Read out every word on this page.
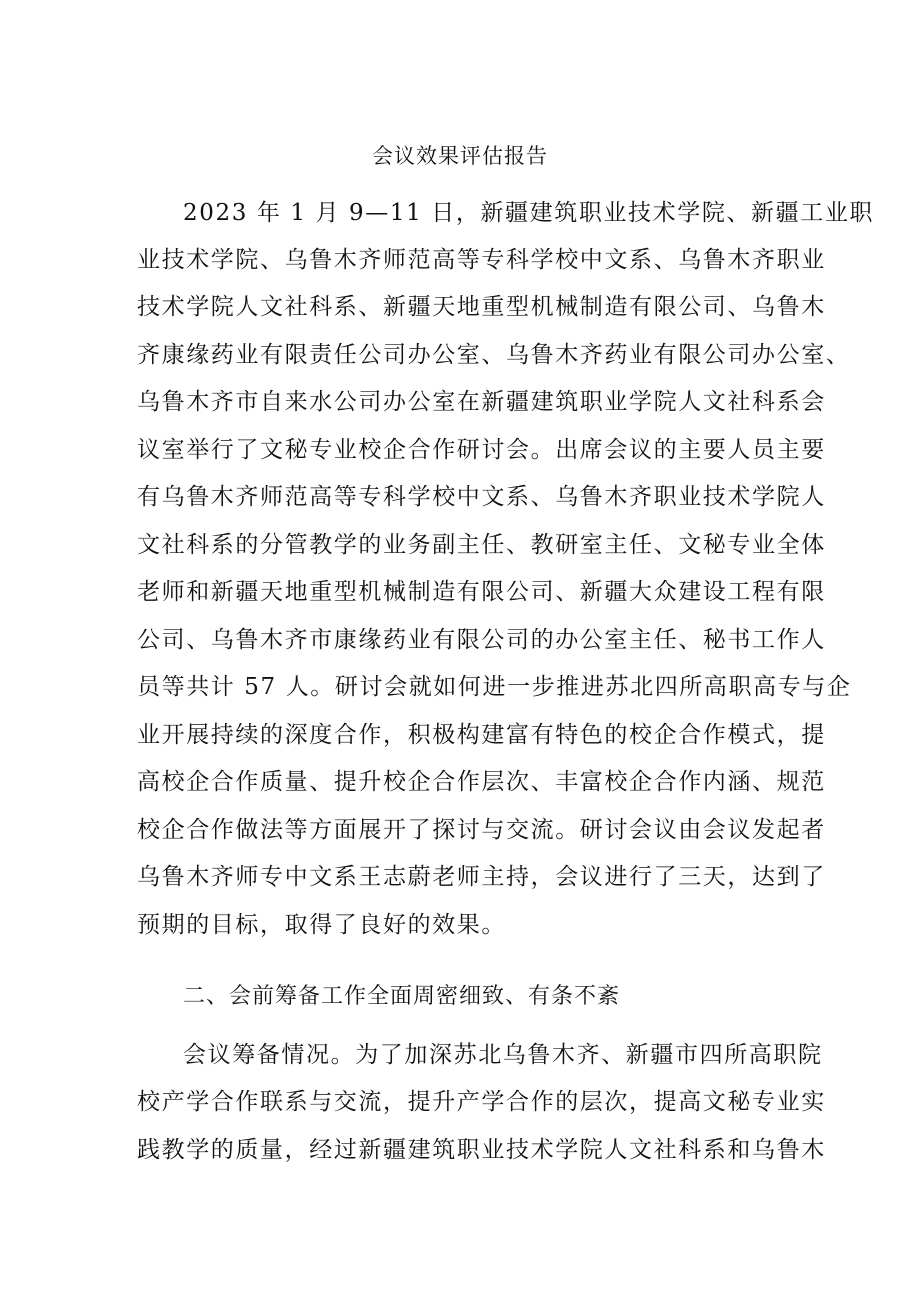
会议效果评估报告
2023 年 1 月 9—11 日，新疆建筑职业技术学院、新疆工业职
业技术学院、乌鲁木齐师范高等专科学校中文系、乌鲁木齐职业
技术学院人文社科系、新疆天地重型机械制造有限公司、乌鲁木
齐康缘药业有限责任公司办公室、乌鲁木齐药业有限公司办公室、
乌鲁木齐市自来水公司办公室在新疆建筑职业学院人文社科系会
议室举行了文秘专业校企合作研讨会。出席会议的主要人员主要
有乌鲁木齐师范高等专科学校中文系、乌鲁木齐职业技术学院人
文社科系的分管教学的业务副主任、教研室主任、文秘专业全体
老师和新疆天地重型机械制造有限公司、新疆大众建设工程有限
公司、乌鲁木齐市康缘药业有限公司的办公室主任、秘书工作人
员等共计 57 人。研讨会就如何进一步推进苏北四所高职高专与企
业开展持续的深度合作，积极构建富有特色的校企合作模式，提
高校企合作质量、提升校企合作层次、丰富校企合作内涵、规范
校企合作做法等方面展开了探讨与交流。研讨会议由会议发起者
乌鲁木齐师专中文系王志蔚老师主持，会议进行了三天，达到了
预期的目标，取得了良好的效果。
二、会前筹备工作全面周密细致、有条不紊
会议筹备情况。为了加深苏北乌鲁木齐、新疆市四所高职院
校产学合作联系与交流，提升产学合作的层次，提高文秘专业实
践教学的质量，经过新疆建筑职业技术学院人文社科系和乌鲁木
